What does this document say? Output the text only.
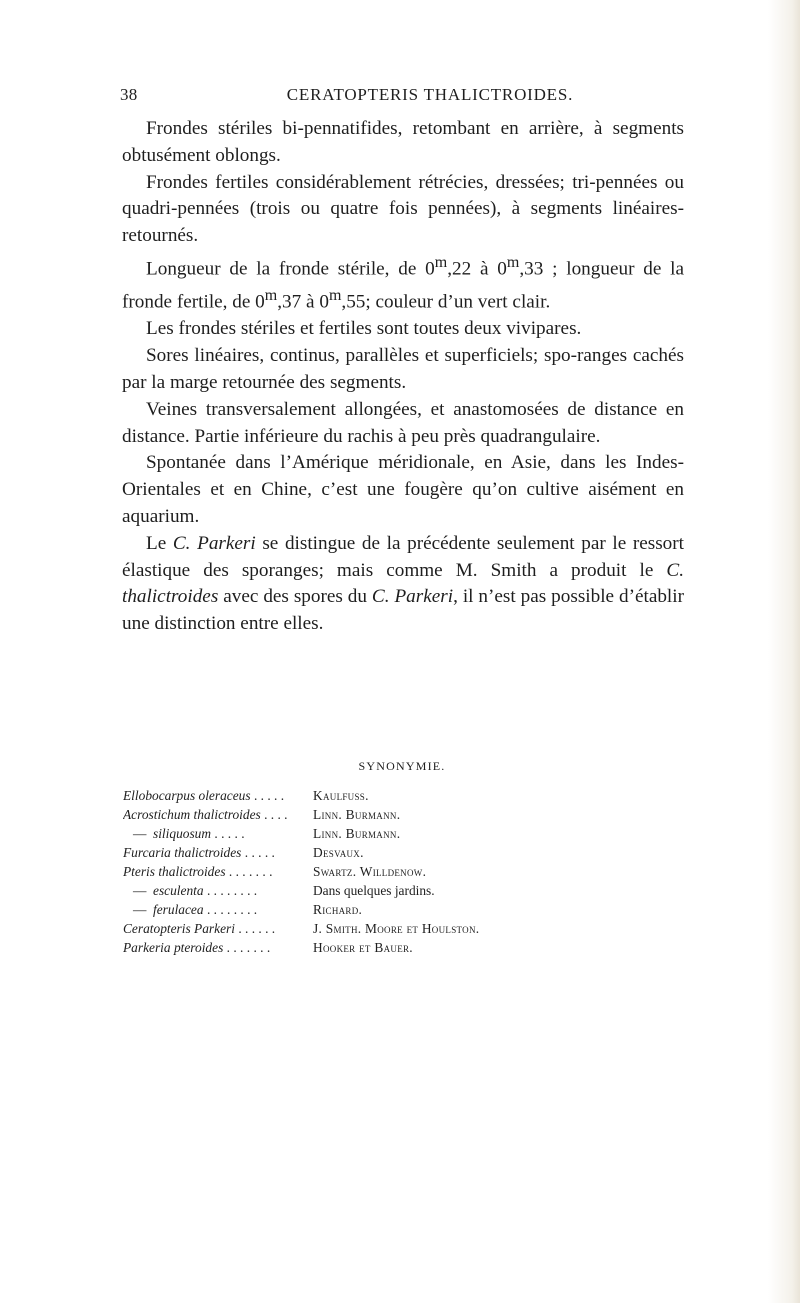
38	CERATOPTERIS THALICTROIDES.

Frondes stériles bi-pennatifides, retombant en arrière, à segments obtusément oblongs.

Frondes fertiles considérablement rétrécies, dressées; tri-pennées ou quadri-pennées (trois ou quatre fois pennées), à segments linéaires-retournés.

Longueur de la fronde stérile, de 0$^m$,22 à 0$^m$,33 ; longueur de la fronde fertile, de 0$^m$,37 à 0$^m$,55; couleur d’un vert clair.

Les frondes stériles et fertiles sont toutes deux vivipares.

Sores linéaires, continus, parallèles et superficiels; spo-ranges cachés par la marge retournée des segments.

Veines transversalement allongées, et anastomosées de distance en distance. Partie inférieure du rachis à peu près quadrangulaire.

Spontanée dans l’Amérique méridionale, en Asie, dans les Indes-Orientales et en Chine, c’est une fougère qu’on cultive aisément en aquarium.

Le C. Parkeri se distingue de la précédente seulement par le ressort élastique des sporanges; mais comme M. Smith a produit le C. thalictroides avec des spores du C. Parkeri, il n’est pas possible d’établir une distinction entre elles.

SYNONYMIE.
Ellobocarpus oleraceus . . . . .	Kaulfuss.
Acrostichum thalictroides . . . .	Linn. Burmann.
— siliquosum . . . . .	Linn. Burmann.
Furcaria thalictroides . . . . .	Desvaux.
Pteris thalictroides . . . . . . .	Swartz. Willdenow.
— esculenta . . . . . . . .	Dans quelques jardins.
— ferulacea . . . . . . . .	Richard.
Ceratopteris Parkeri . . . . . .	J. Smith. Moore et Houlston.
Parkeria pteroides . . . . . . .	Hooker et Bauer.
